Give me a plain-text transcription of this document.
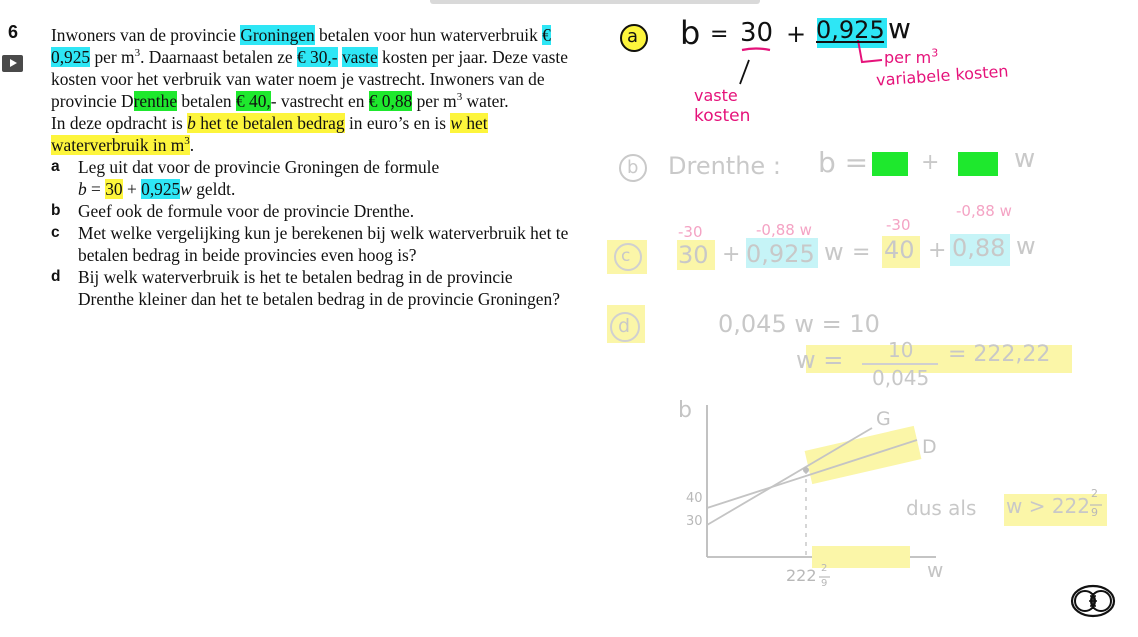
6 Inwoners van de provincie Groningen betalen voor hun waterverbruik € 0,925 per $m^3$. Daarnaast betalen ze € 30,- vaste kosten per jaar. Deze vaste kosten voor het verbruik van water noem je vastrecht. Inwoners van de provincie Drenthe betalen € 40,- vastrecht en € 0,88 per $m^3$ water.

In deze opdracht is b het te betalen bedrag in euro’s en is w het waterverbruik in $m^3$.

a Leg uit dat voor de provincie Groningen de formule
b = 30 + 0,925w geldt.
b Geef ook de formule voor de provincie Drenthe.
c Met welke vergelijking kun je berekenen bij welk waterverbruik het te betalen bedrag in beide provincies even hoog is?
d Bij welk waterverbruik is het te betalen bedrag in de provincie Drenthe kleiner dan het te betalen bedrag in de provincie Groningen?
a b = 30 + 0,925 w
per $m^3$
variabele kosten
vaste
kosten
b Drenthe : b = +	w
c
-30	-0,88 w	-30
-0,88 w
30 + 0,925 w = 40 + 0,88 w
d	0,045 w = 10
w = 10
0,045
= 222,22
b
w
40
30
G
D
222 2
9
dus als w > 222
2
9
